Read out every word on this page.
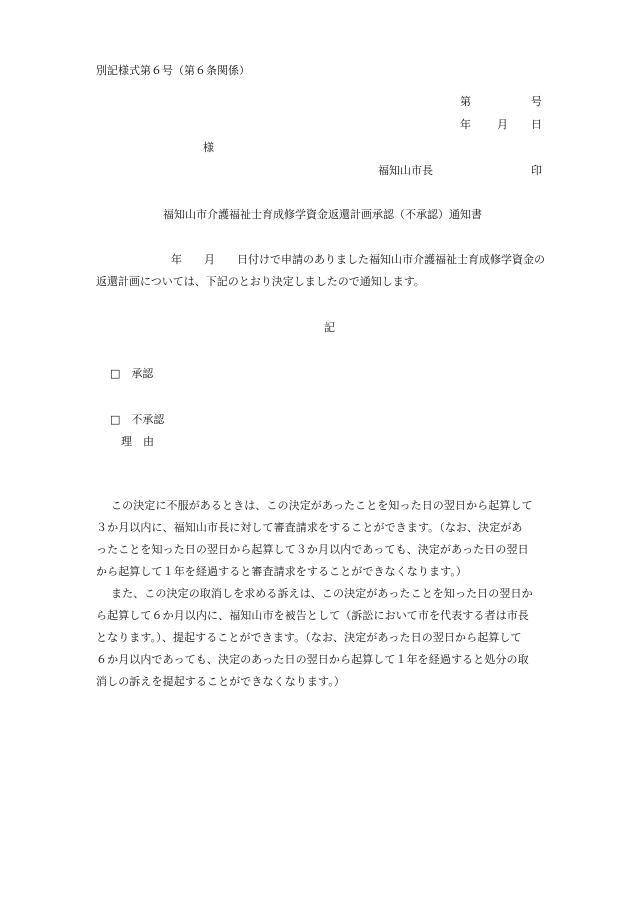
別記様式第６号（第６条関係）
第	号
年 月 日
様
福知山市長	印
福知山市介護福祉士育成修学資金返還計画承認（不承認）通知書
年 月 日付けで申請のありました福知山市介護福祉士育成修学資金の
返還計画については、下記のとおり決定しましたので通知します。
記
□　承認
□　不承認
理　由
この決定に不服があるときは、この決定があったことを知った日の翌日から起算して
３か月以内に、福知山市長に対して審査請求をすることができます。（なお、決定があ
ったことを知った日の翌日から起算して３か月以内であっても、決定があった日の翌日
から起算して１年を経過すると審査請求をすることができなくなります。）
また、この決定の取消しを求める訴えは、この決定があったことを知った日の翌日か
ら起算して６か月以内に、福知山市を被告として（訴訟において市を代表する者は市長
となります。）、提起することができます。（なお、決定があった日の翌日から起算して
６か月以内であっても、決定のあった日の翌日から起算して１年を経過すると処分の取
消しの訴えを提起することができなくなります。）
